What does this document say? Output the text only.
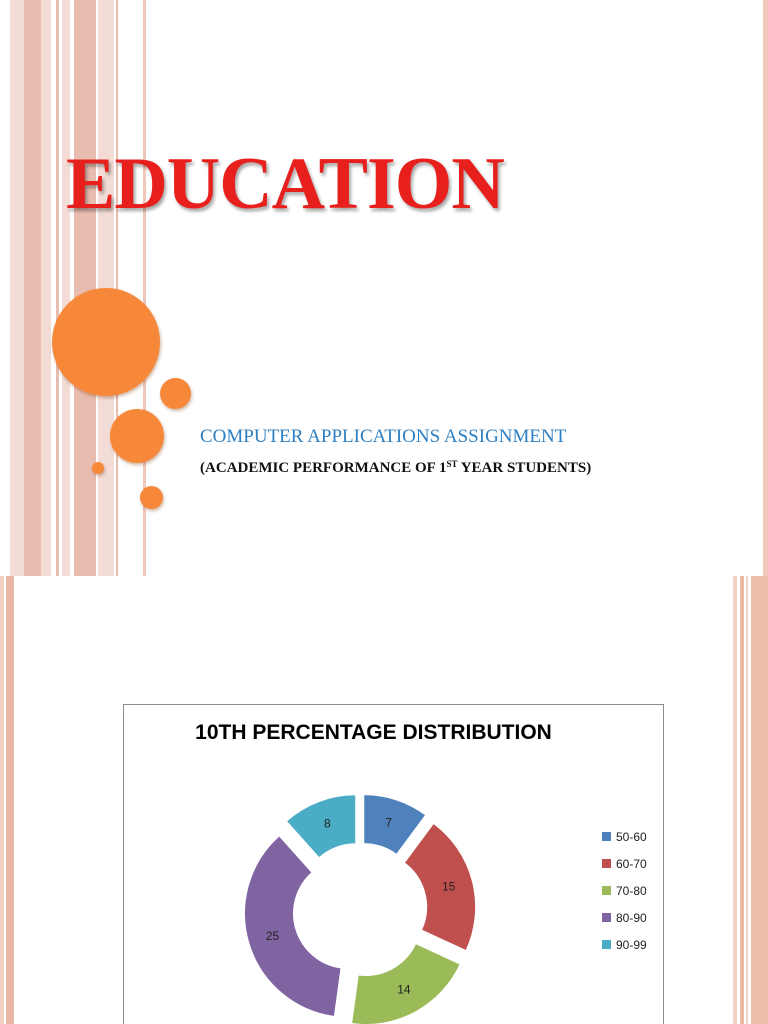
EDUCATION

COMPUTER APPLICATIONS ASSIGNMENT

(ACADEMIC PERFORMANCE OF 1ST YEAR STUDENTS)

7
15
14
25
8
50-60
60-70
70-80
80-90
90-99

10TH PERCENTAGE DISTRIBUTION
